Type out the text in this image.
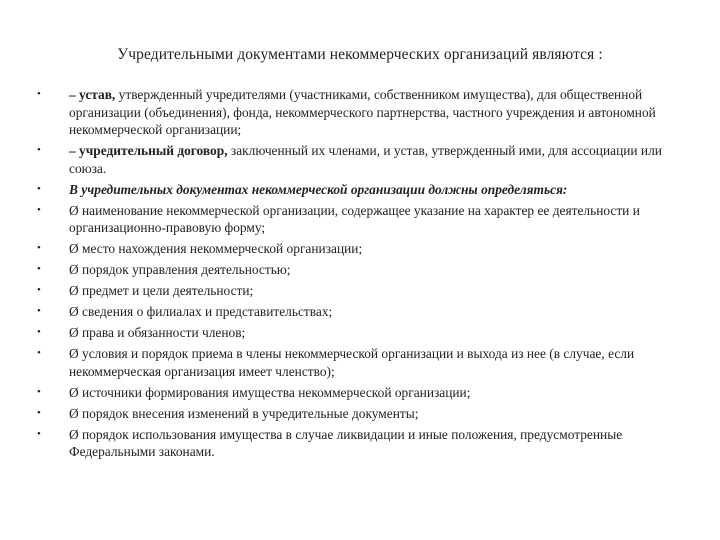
Учредительными документами некоммерческих организаций являются :
• – устав, утвержденный учредителями (участниками, собственником имущества), для общественной организации (объединения), фонда, некоммерческого партнерства, частного учреждения и автономной некоммерческой организации;
• – учредительный договор, заключенный их членами, и устав, утвержденный ими, для ассоциации или союза.
• В учредительных документах некоммерческой организации должны определяться:
• Ø наименование некоммерческой организации, содержащее указание на характер ее деятельности и организационно-правовую форму;
• Ø место нахождения некоммерческой организации;
• Ø порядок управления деятельностью;
• Ø предмет и цели деятельности;
• Ø сведения о филиалах и представительствах;
• Ø права и обязанности членов;
• Ø условия и порядок приема в члены некоммерческой организации и выхода из нее (в случае, если некоммерческая организация имеет членство);
• Ø источники формирования имущества некоммерческой организации;
• Ø порядок внесения изменений в учредительные документы;
• Ø порядок использования имущества в случае ликвидации и иные положения, предусмотренные Федеральными законами.
